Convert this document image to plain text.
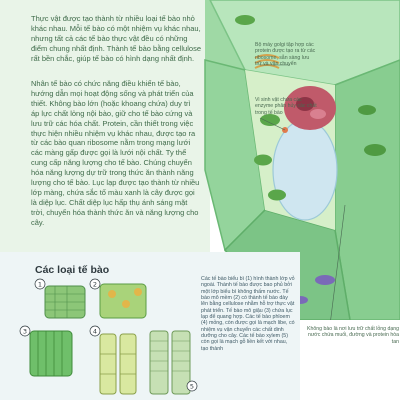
Thực vật được tạo thành từ nhiều loại tế bào nhỏ khác nhau. Mỗi tế bào có một nhiệm vụ khác nhau, nhưng tất cả các tế bào thực vật đều có những điểm chung nhất định. Thành tế bào bằng cellulose rất bền chắc, giúp tế bào có hình dạng nhất định.

Nhân tế bào có chức năng điều khiển tế bào, hướng dẫn mọi hoạt động sống và phát triển của thiết. Không bào lớn (hoặc khoang chứa) duy trì áp lực chất lỏng nội bào, giữ cho tế bào cứng và lưu trữ các hóa chất. Protein, cần thiết trong việc thực hiện nhiều nhiệm vụ khác nhau, được tạo ra từ các bào quan ribosome nằm trong mạng lưới các màng gấp được gọi là lưới nội chất. Ty thể cung cấp năng lượng cho tế bào. Chúng chuyển hóa năng lượng dự trữ trong thức ăn thành năng lượng cho tế bào. Lục lạp được tạo thành từ nhiều lớp màng, chứa sắc tố màu xanh là cây được gọi là diệp lục. Chất diệp lục hấp thụ ánh sáng mặt trời, chuyển hóa thành thức ăn và năng lượng cho cây.

Bộ máy golgi tập hợp các protein được tạo ra từ các ribosome, sẵn sàng lưu trữ và vận chuyển
Vi sinh vật chứa các enzyme phân hủy các chất trong tế bào
Không bào là nơi lưu trữ chất lỏng dạng nước chứa muối, đường và protein hòa tan
Các loại tế bào
1	2
3	4
5
Các tế bào biểu bì (1) hình thành lớp vỏ ngoài. Thành tế bào được bao phủ bởi một lớp biểu bì không thấm nước. Tế bào mô mềm (2) có thành tế bào dày lên bằng cellulose nhằm hỗ trợ thực vật phát triển. Tế bào mô giậu (3) chứa lục lạp để quang hợp. Các tế bào phloem (4) mỏng, còn được gọi là mạch libe, có nhiệm vụ vận chuyển các chất dinh dưỡng cho cây. Các tế bào xylem (5) còn gọi là mạch gỗ liền kết với nhau, tạo thành
